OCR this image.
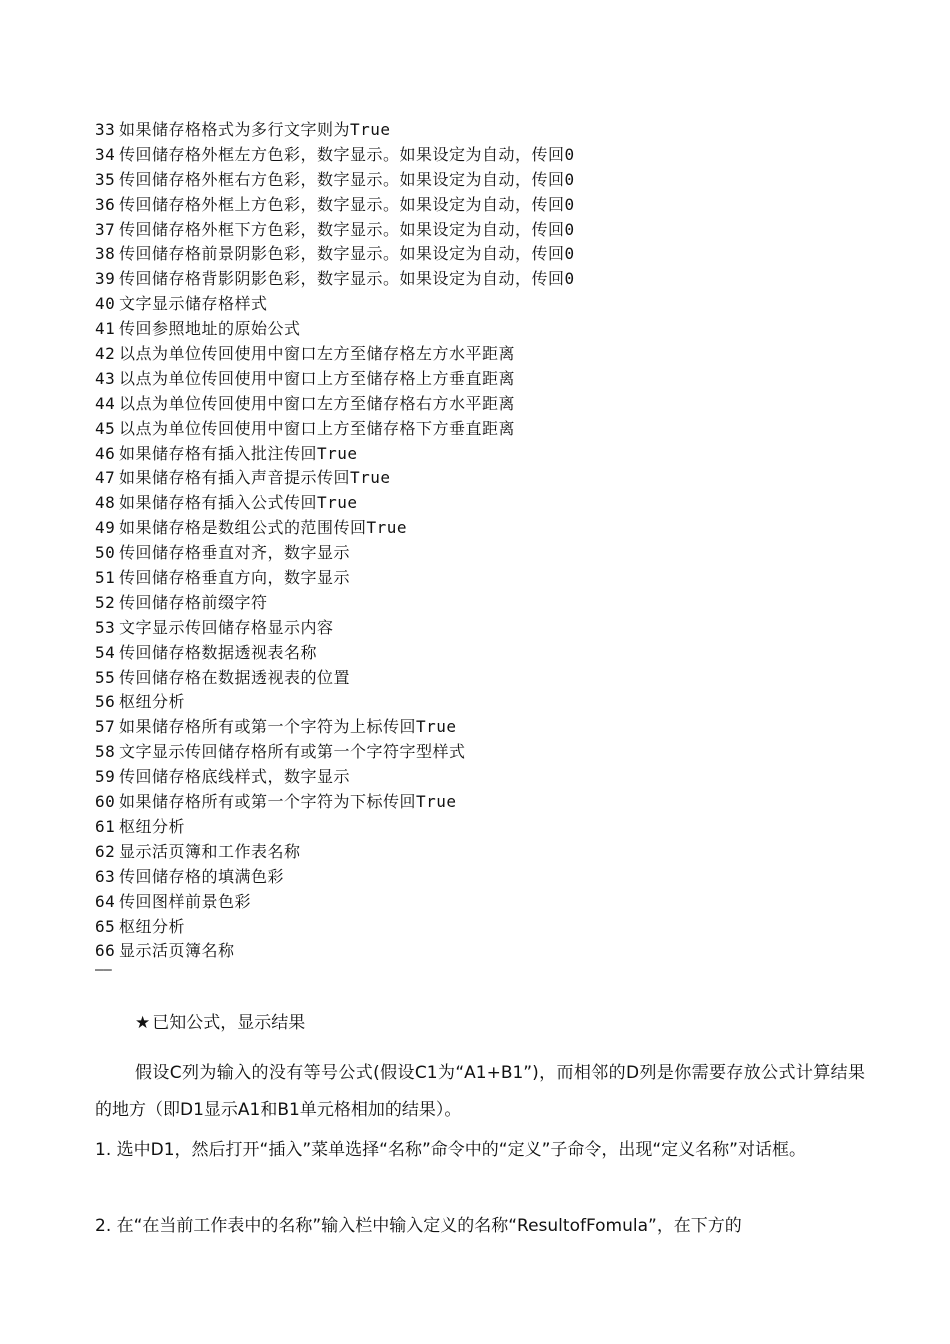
33 如果储存格格式为多行文字则为True
34 传回储存格外框左方色彩，数字显示。如果设定为自动，传回0
35 传回储存格外框右方色彩，数字显示。如果设定为自动，传回0
36 传回储存格外框上方色彩，数字显示。如果设定为自动，传回0
37 传回储存格外框下方色彩，数字显示。如果设定为自动，传回0
38 传回储存格前景阴影色彩，数字显示。如果设定为自动，传回0
39 传回储存格背影阴影色彩，数字显示。如果设定为自动，传回0
40 文字显示储存格样式
41 传回参照地址的原始公式
42 以点为单位传回使用中窗口左方至储存格左方水平距离
43 以点为单位传回使用中窗口上方至储存格上方垂直距离
44 以点为单位传回使用中窗口左方至储存格右方水平距离
45 以点为单位传回使用中窗口上方至储存格下方垂直距离
46 如果储存格有插入批注传回True
47 如果储存格有插入声音提示传回True
48 如果储存格有插入公式传回True
49 如果储存格是数组公式的范围传回True
50 传回储存格垂直对齐，数字显示
51 传回储存格垂直方向，数字显示
52 传回储存格前缀字符
53 文字显示传回储存格显示内容
54 传回储存格数据透视表名称
55 传回储存格在数据透视表的位置
56 枢纽分析
57 如果储存格所有或第一个字符为上标传回True
58 文字显示传回储存格所有或第一个字符字型样式
59 传回储存格底线样式，数字显示
60 如果储存格所有或第一个字符为下标传回True
61 枢纽分析
62 显示活页簿和工作表名称
63 传回储存格的填满色彩
64 传回图样前景色彩
65 枢纽分析
66 显示活页簿名称
——
★ 已知公式，显示结果
假设C列为输入的没有等号公式(假设C1为“A1+B1”)，而相邻的D列是你需要存放公式计算结果的地方（即D1显示A1和B1单元格相加的结果）。
1. 选中D1，然后打开“插入”菜单选择“名称”命令中的“定义”子命令，出现“定义名称”对话框。
2. 在“在当前工作表中的名称”输入栏中输入定义的名称“ResultofFomula”，在下方的
